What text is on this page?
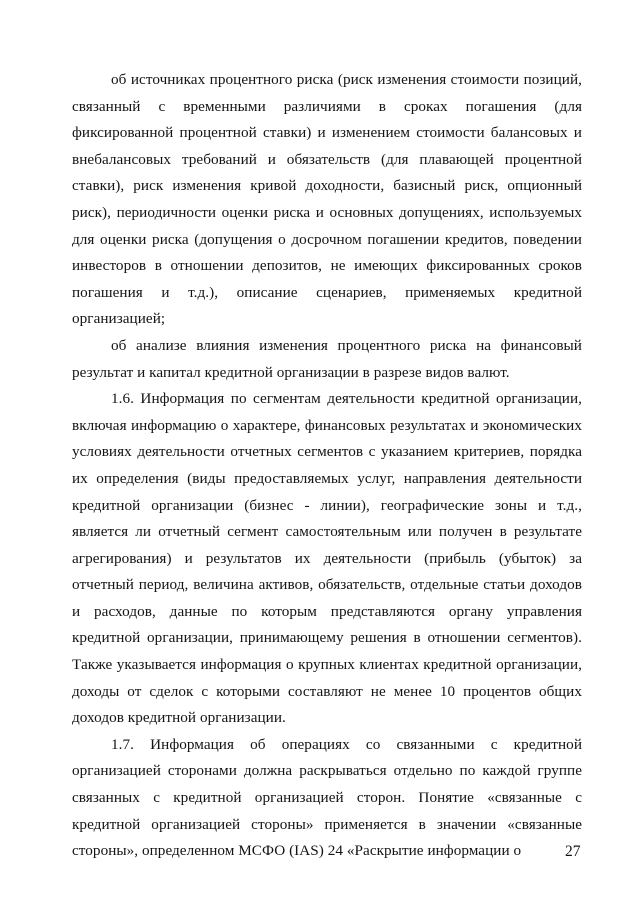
об источниках процентного риска (риск изменения стоимости позиций, связанный с временными различиями в сроках погашения (для фиксированной процентной ставки) и изменением стоимости балансовых и внебалансовых требований и обязательств (для плавающей процентной ставки), риск изменения кривой доходности, базисный риск, опционный риск), периодичности оценки риска и основных допущениях, используемых для оценки риска (допущения о досрочном погашении кредитов, поведении инвесторов в отношении депозитов, не имеющих фиксированных сроков погашения и т.д.), описание сценариев, применяемых кредитной организацией;

об анализе влияния изменения процентного риска на финансовый результат и капитал кредитной организации в разрезе видов валют.

1.6. Информация по сегментам деятельности кредитной организации, включая информацию о характере, финансовых результатах и экономических условиях деятельности отчетных сегментов с указанием критериев, порядка их определения (виды предоставляемых услуг, направления деятельности кредитной организации (бизнес - линии), географические зоны и т.д., является ли отчетный сегмент самостоятельным или получен в результате агрегирования) и результатов их деятельности (прибыль (убыток) за отчетный период, величина активов, обязательств, отдельные статьи доходов и расходов, данные по которым представляются органу управления кредитной организации, принимающему решения в отношении сегментов). Также указывается информация о крупных клиентах кредитной организации, доходы от сделок с которыми составляют не менее 10 процентов общих доходов кредитной организации.

1.7. Информация об операциях со связанными с кредитной организацией сторонами должна раскрываться отдельно по каждой группе связанных с кредитной организацией сторон. Понятие «связанные с кредитной организацией стороны» применяется в значении «связанные стороны», определенном МСФО (IAS) 24 «Раскрытие информации о	27
